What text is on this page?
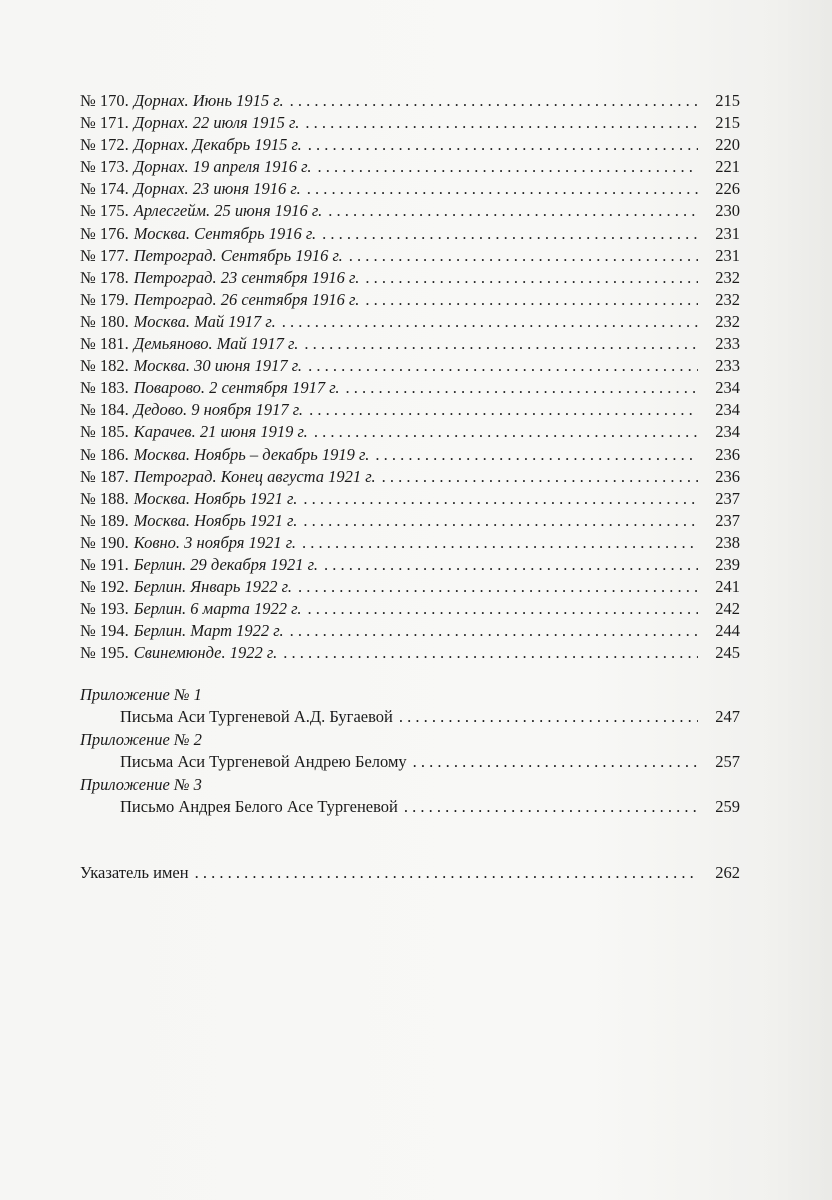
№ 170. Дорнах. Июнь 1915 г. . . .	215
№ 171. Дорнах. 22 июля 1915 г. . . .	215
№ 172. Дорнах. Декабрь 1915 г. . . .	220
№ 173. Дорнах. 19 апреля 1916 г. . . .	221
№ 174. Дорнах. 23 июня 1916 г. . . .	226
№ 175. Арлесгейм. 25 июня 1916 г. . . .	230
№ 176. Москва. Сентябрь 1916 г. . . .	231
№ 177. Петроград. Сентябрь 1916 г. . . .	231
№ 178. Петроград. 23 сентября 1916 г. . . .	232
№ 179. Петроград. 26 сентября 1916 г. . . .	232
№ 180. Москва. Май 1917 г. . . .	232
№ 181. Демьяново. Май 1917 г. . . .	233
№ 182. Москва. 30 июня 1917 г. . . .	233
№ 183. Поварово. 2 сентября 1917 г. . . .	234
№ 184. Дедово. 9 ноября 1917 г. . . .	234
№ 185. Карачев. 21 июня 1919 г. . . .	234
№ 186. Москва. Ноябрь – декабрь 1919 г. . . .	236
№ 187. Петроград. Конец августа 1921 г. . . .	236
№ 188. Москва. Ноябрь 1921 г. . . .	237
№ 189. Москва. Ноябрь 1921 г. . . .	237
№ 190. Ковно. 3 ноября 1921 г. . . .	238
№ 191. Берлин. 29 декабря 1921 г. . . .	239
№ 192. Берлин. Январь 1922 г. . . .	241
№ 193. Берлин. 6 марта 1922 г. . . .	242
№ 194. Берлин. Март 1922 г. . . .	244
№ 195. Свинемюнде. 1922 г. . . .	245
Приложение № 1
Письма Аси Тургеневой А.Д. Бугаевой . . .	247
Приложение № 2
Письма Аси Тургеневой Андрею Белому . . .	257
Приложение № 3
Письмо Андрея Белого Асе Тургеневой . . .	259
Указатель имен . . .	262
